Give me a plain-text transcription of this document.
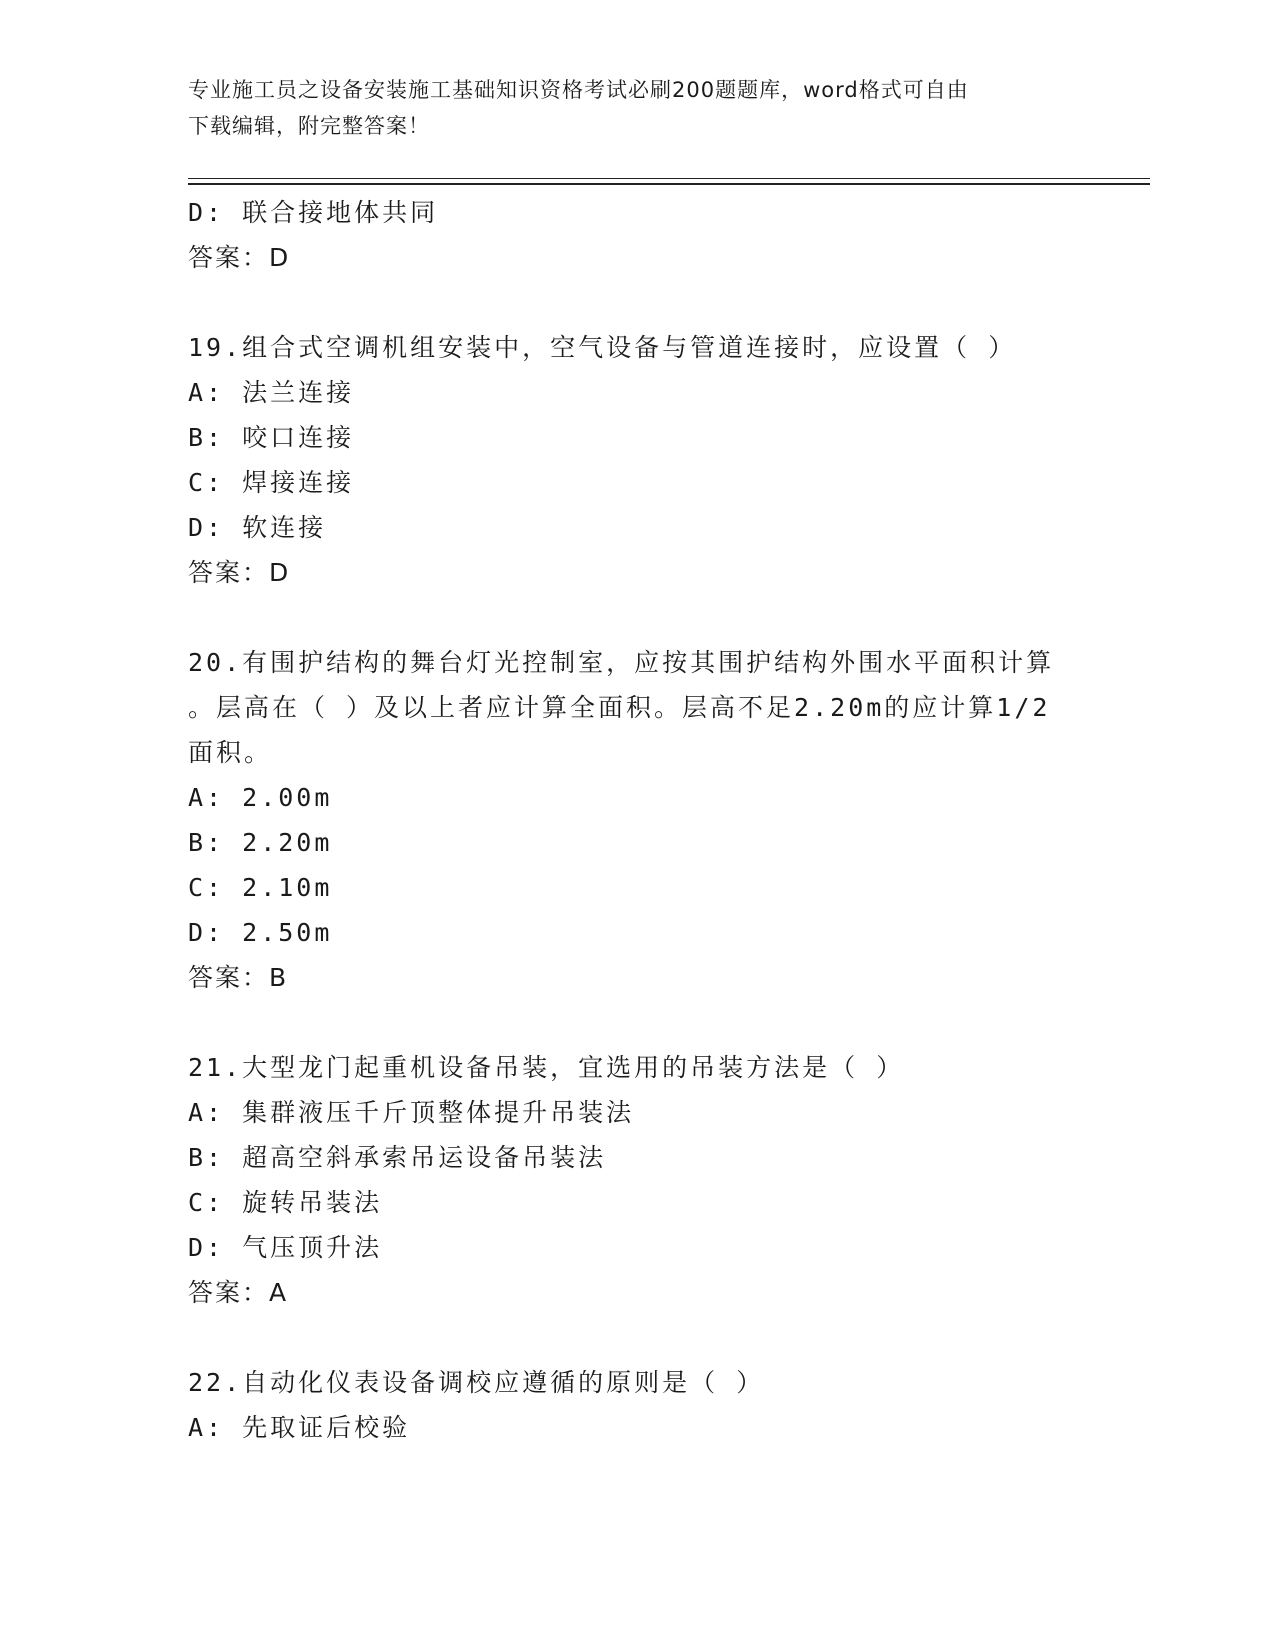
专业施工员之设备安装施工基础知识资格考试必刷200题题库，word格式可自由
下载编辑，附完整答案！
D: 联合接地体共同
答案：D
19.组合式空调机组安装中，空气设备与管道连接时，应设置（ ）
A: 法兰连接
B: 咬口连接
C: 焊接连接
D: 软连接
答案：D
20.有围护结构的舞台灯光控制室，应按其围护结构外围水平面积计算
。层高在（ ）及以上者应计算全面积。层高不足2.20m的应计算1/2
面积。
A: 2.00m
B: 2.20m
C: 2.10m
D: 2.50m
答案：B
21.大型龙门起重机设备吊装，宜选用的吊装方法是（ ）
A: 集群液压千斤顶整体提升吊装法
B: 超高空斜承索吊运设备吊装法
C: 旋转吊装法
D: 气压顶升法
答案：A
22.自动化仪表设备调校应遵循的原则是（ ）
A: 先取证后校验
